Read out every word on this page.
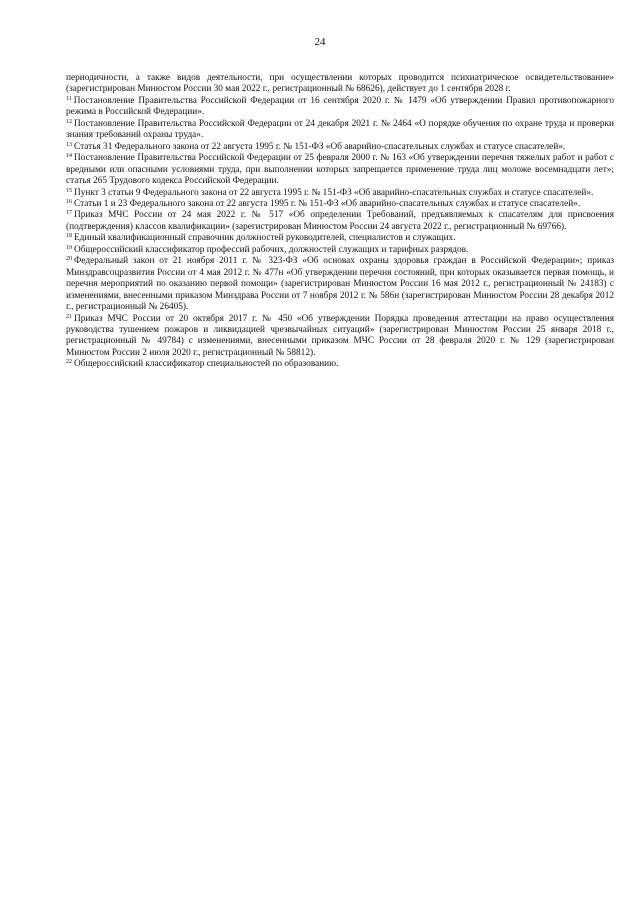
24

периодичности, а также видов деятельности, при осуществлении которых проводится психиатрическое освидетельствование» (зарегистрирован Минюстом России 30 мая 2022 г., регистрационный № 68626), действует до 1 сентября 2028 г.

$^{11}$ Постановление Правительства Российской Федерации от 16 сентября 2020 г. № 1479 «Об утверждении Правил противопожарного режима в Российской Федерации».

$^{12}$ Постановление Правительства Российской Федерации от 24 декабря 2021 г. № 2464 «О порядке обучения по охране труда и проверки знания требований охраны труда».

$^{13}$ Статья 31 Федерального закона от 22 августа 1995 г. № 151-ФЗ «Об аварийно-спасательных службах и статусе спасателей».

$^{14}$ Постановление Правительства Российской Федерации от 25 февраля 2000 г. № 163 «Об утверждении перечня тяжелых работ и работ с вредными или опасными условиями труда, при выполнении которых запрещается применение труда лиц моложе восемнадцати лет»; статья 265 Трудового кодекса Российской Федерации.

$^{15}$ Пункт 3 статьи 9 Федерального закона от 22 августа 1995 г. № 151-ФЗ «Об аварийно-спасательных службах и статусе спасателей».

$^{16}$ Статьи 1 и 23 Федерального закона от 22 августа 1995 г. № 151-ФЗ «Об аварийно-спасательных службах и статусе спасателей».

$^{17}$ Приказ МЧС России от 24 мая 2022 г. № 517 «Об определении Требований, предъявляемых к спасателям для присвоения (подтверждения) классов квалификации» (зарегистрирован Минюстом России 24 августа 2022 г., регистрационный № 69766).

$^{18}$ Единый квалификационный справочник должностей руководителей, специалистов и служащих.

$^{19}$ Общероссийский классификатор профессий рабочих, должностей служащих и тарифных разрядов.

$^{20}$ Федеральный закон от 21 ноября 2011 г. № 323-ФЗ «Об основах охраны здоровья граждан в Российской Федерации»; приказ Минздравсоцразвития России от 4 мая 2012 г. № 477н «Об утверждении перечня состояний, при которых оказывается первая помощь, и перечня мероприятий по оказанию первой помощи» (зарегистрирован Минюстом России 16 мая 2012 г., регистрационный № 24183) с изменениями, внесенными приказом Минздрава России от 7 ноября 2012 г. № 586н (зарегистрирован Минюстом России 28 декабря 2012 г., регистрационный № 26405).

$^{21}$ Приказ МЧС России от 20 октября 2017 г. № 450 «Об утверждении Порядка проведения аттестации на право осуществления руководства тушением пожаров и ликвидацией чрезвычайных ситуаций» (зарегистрирован Минюстом России 25 января 2018 г., регистрационный № 49784) с изменениями, внесенными приказом МЧС России от 28 февраля 2020 г. № 129 (зарегистрирован Минюстом России 2 июля 2020 г., регистрационный № 58812).

$^{22}$ Общероссийский классификатор специальностей по образованию.
